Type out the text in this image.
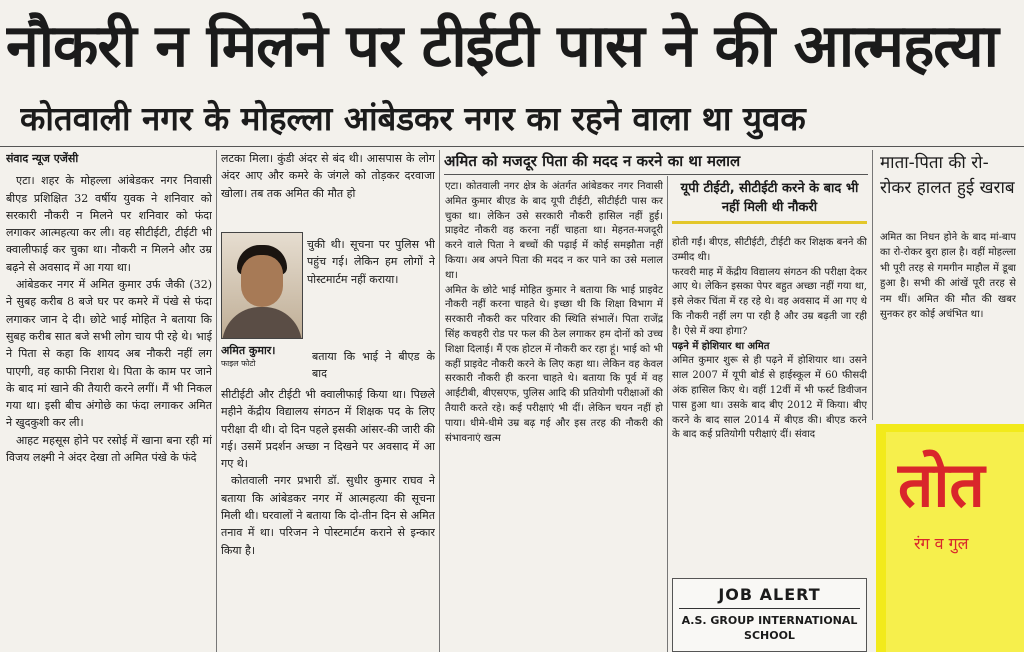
नौकरी न मिलने पर टीईटी पास ने की आत्महत्या
कोतवाली नगर के मोहल्ला आंबेडकर नगर का रहने वाला था युवक
संवाद न्यूज एजेंसी

एटा। शहर के मोहल्ला आंबेडकर नगर निवासी बीएड प्रशिक्षित 32 वर्षीय युवक ने शनिवार को सरकारी नौकरी न मिलने पर शनिवार को फंदा लगाकर आत्महत्या कर ली। वह सीटीईटी, टीईटी भी क्वालीफाई कर चुका था। नौकरी न मिलने और उम्र बढ़ने से अवसाद में आ गया था।

आंबेडकर नगर में अमित कुमार उर्फ जैकी (32) ने सुबह करीब 8 बजे घर पर कमरे में पंखे से फंदा लगाकर जान दे दी। छोटे भाई मोहित ने बताया कि सुबह करीब सात बजे सभी लोग चाय पी रहे थे। भाई ने पिता से कहा कि शायद अब नौकरी नहीं लग पाएगी, वह काफी निराश थे। पिता के काम पर जाने के बाद मां खाने की तैयारी करने लगीं। मैं भी निकल गया था। इसी बीच अंगोछे का फंदा लगाकर अमित ने खुदकुशी कर ली।

आहट महसूस होने पर रसोई में खाना बना रही मां विजय लक्ष्मी ने अंदर देखा तो अमित पंखे के फंदे

लटका मिला। कुंडी अंदर से बंद थी। आसपास के लोग अंदर आए और कमरे के जंगले को तोड़कर दरवाजा खोला। तब तक अमित की मौत हो

चुकी थी। सूचना पर पुलिस भी पहुंच गई। लेकिन हम लोगों ने पोस्टमार्टम नहीं कराया।

अमित कुमार।
फाइल फोटो

बताया कि भाई ने बीएड के बाद

सीटीईटी और टीईटी भी क्वालीफाई किया था। पिछले महीने केंद्रीय विद्यालय संगठन में शिक्षक पद के लिए परीक्षा दी थी। दो दिन पहले इसकी आंसर-की जारी की गई। उसमें प्रदर्शन अच्छा न दिखने पर अवसाद में आ गए थे।

कोतवाली नगर प्रभारी डॉ. सुधीर कुमार राघव ने बताया कि आंबेडकर नगर में आत्महत्या की सूचना मिली थी। घरवालों ने बताया कि दो-तीन दिन से अमित तनाव में था। परिजन ने पोस्टमार्टम कराने से इन्कार किया है।

अमित को मजदूर पिता की मदद न करने का था मलाल

एटा। कोतवाली नगर क्षेत्र के अंतर्गत आंबेडकर नगर निवासी अमित कुमार बीएड के बाद यूपी टीईटी, सीटीईटी पास कर चुका था। लेकिन उसे सरकारी नौकरी हासिल नहीं हुई। प्राइवेट नौकरी वह करना नहीं चाहता था। मेहनत-मजदूरी करने वाले पिता ने बच्चों की पढ़ाई में कोई समझौता नहीं किया। अब अपने पिता की मदद न कर पाने का उसे मलाल था।

अमित के छोटे भाई मोहित कुमार ने बताया कि भाई प्राइवेट नौकरी नहीं करना चाहते थे। इच्छा थी कि शिक्षा विभाग में सरकारी नौकरी कर परिवार की स्थिति संभालें। पिता राजेंद्र सिंह कचहरी रोड पर फल की ठेल लगाकर हम दोनों को उच्च शिक्षा दिलाई। मैं एक होटल में नौकरी कर रहा हूं। भाई को भी कहीं प्राइवेट नौकरी करने के लिए कहा था। लेकिन वह केवल सरकारी नौकरी ही करना चाहते थे। बताया कि पूर्व में वह आईटीबी, बीएसएफ, पुलिस आदि की प्रतियोगी परीक्षाओं की तैयारी करते रहे। कई परीक्षाएं भी दीं। लेकिन चयन नहीं हो पाया। धीमे-धीमे उम्र बढ़ गई और इस तरह की नौकरी की संभावनाएं खत्म

यूपी टीईटी, सीटीईटी करने के बाद भी नहीं मिली थी नौकरी

होती गईं। बीएड, सीटीईटी, टीईटी कर शिक्षक बनने की उम्मीद थी।

फरवरी माह में केंद्रीय विद्यालय संगठन की परीक्षा देकर आए थे। लेकिन इसका पेपर बहुत अच्छा नहीं गया था, इसे लेकर चिंता में रह रहे थे। वह अवसाद में आ गए थे कि नौकरी नहीं लग पा रही है और उम्र बढ़ती जा रही है। ऐसे में क्या होगा?

पढ़ने में होशियार था अमित

अमित कुमार शुरू से ही पढ़ने में होशियार था। उसने साल 2007 में यूपी बोर्ड से हाईस्कूल में 60 फीसदी अंक हासिल किए थे। वहीं 12वीं में भी फर्स्ट डिवीजन पास हुआ था। उसके बाद बीए 2012 में किया। बीए करने के बाद साल 2014 में बीएड की। बीएड करने के बाद कई प्रतियोगी परीक्षाएं दीं। संवाद

JOB ALERT
A.S. GROUP INTERNATIONAL SCHOOL
माता-पिता की रो-रोकर हालत हुई खराब

अमित का निधन होने के बाद मां-बाप का रो-रोकर बुरा हाल है। वहीं मोहल्ला भी पूरी तरह से गमगीन माहौल में डूबा हुआ है। सभी की आंखें पूरी तरह से नम थीं। अमित की मौत की खबर सुनकर हर कोई अचंभित था।

तोत
रंग व गुल
